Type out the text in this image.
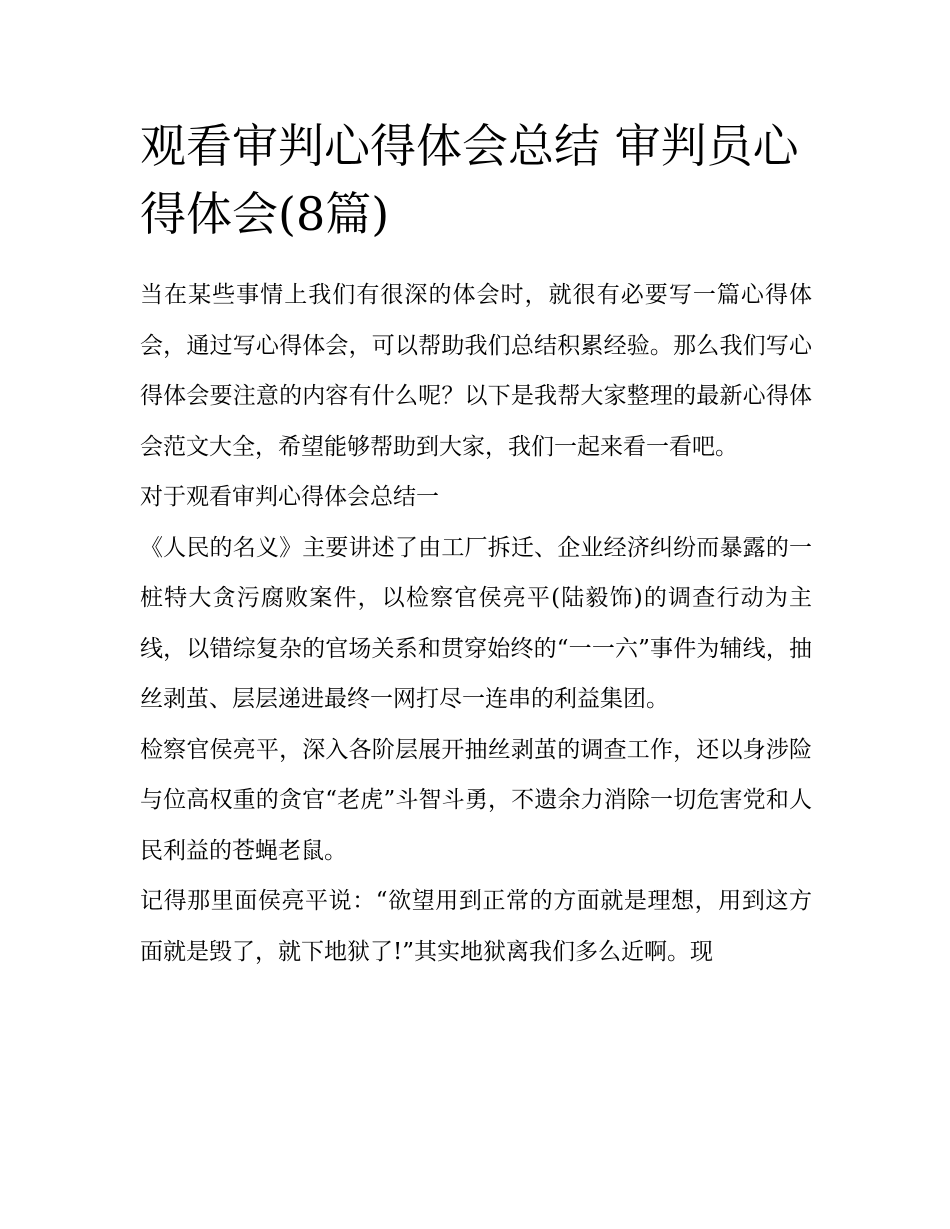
观看审判心得体会总结 审判员心得体会(8篇)

当在某些事情上我们有很深的体会时，就很有必要写一篇心得体会，通过写心得体会，可以帮助我们总结积累经验。那么我们写心得体会要注意的内容有什么呢？以下是我帮大家整理的最新心得体会范文大全，希望能够帮助到大家，我们一起来看一看吧。

对于观看审判心得体会总结一

《人民的名义》主要讲述了由工厂拆迁、企业经济纠纷而暴露的一桩特大贪污腐败案件，以检察官侯亮平(陆毅饰)的调查行动为主线，以错综复杂的官场关系和贯穿始终的“一一六”事件为辅线，抽丝剥茧、层层递进最终一网打尽一连串的利益集团。

检察官侯亮平，深入各阶层展开抽丝剥茧的调查工作，还以身涉险与位高权重的贪官“老虎”斗智斗勇，不遗余力消除一切危害党和人民利益的苍蝇老鼠。

记得那里面侯亮平说：“欲望用到正常的方面就是理想，用到这方面就是毁了，就下地狱了!”其实地狱离我们多么近啊。现
